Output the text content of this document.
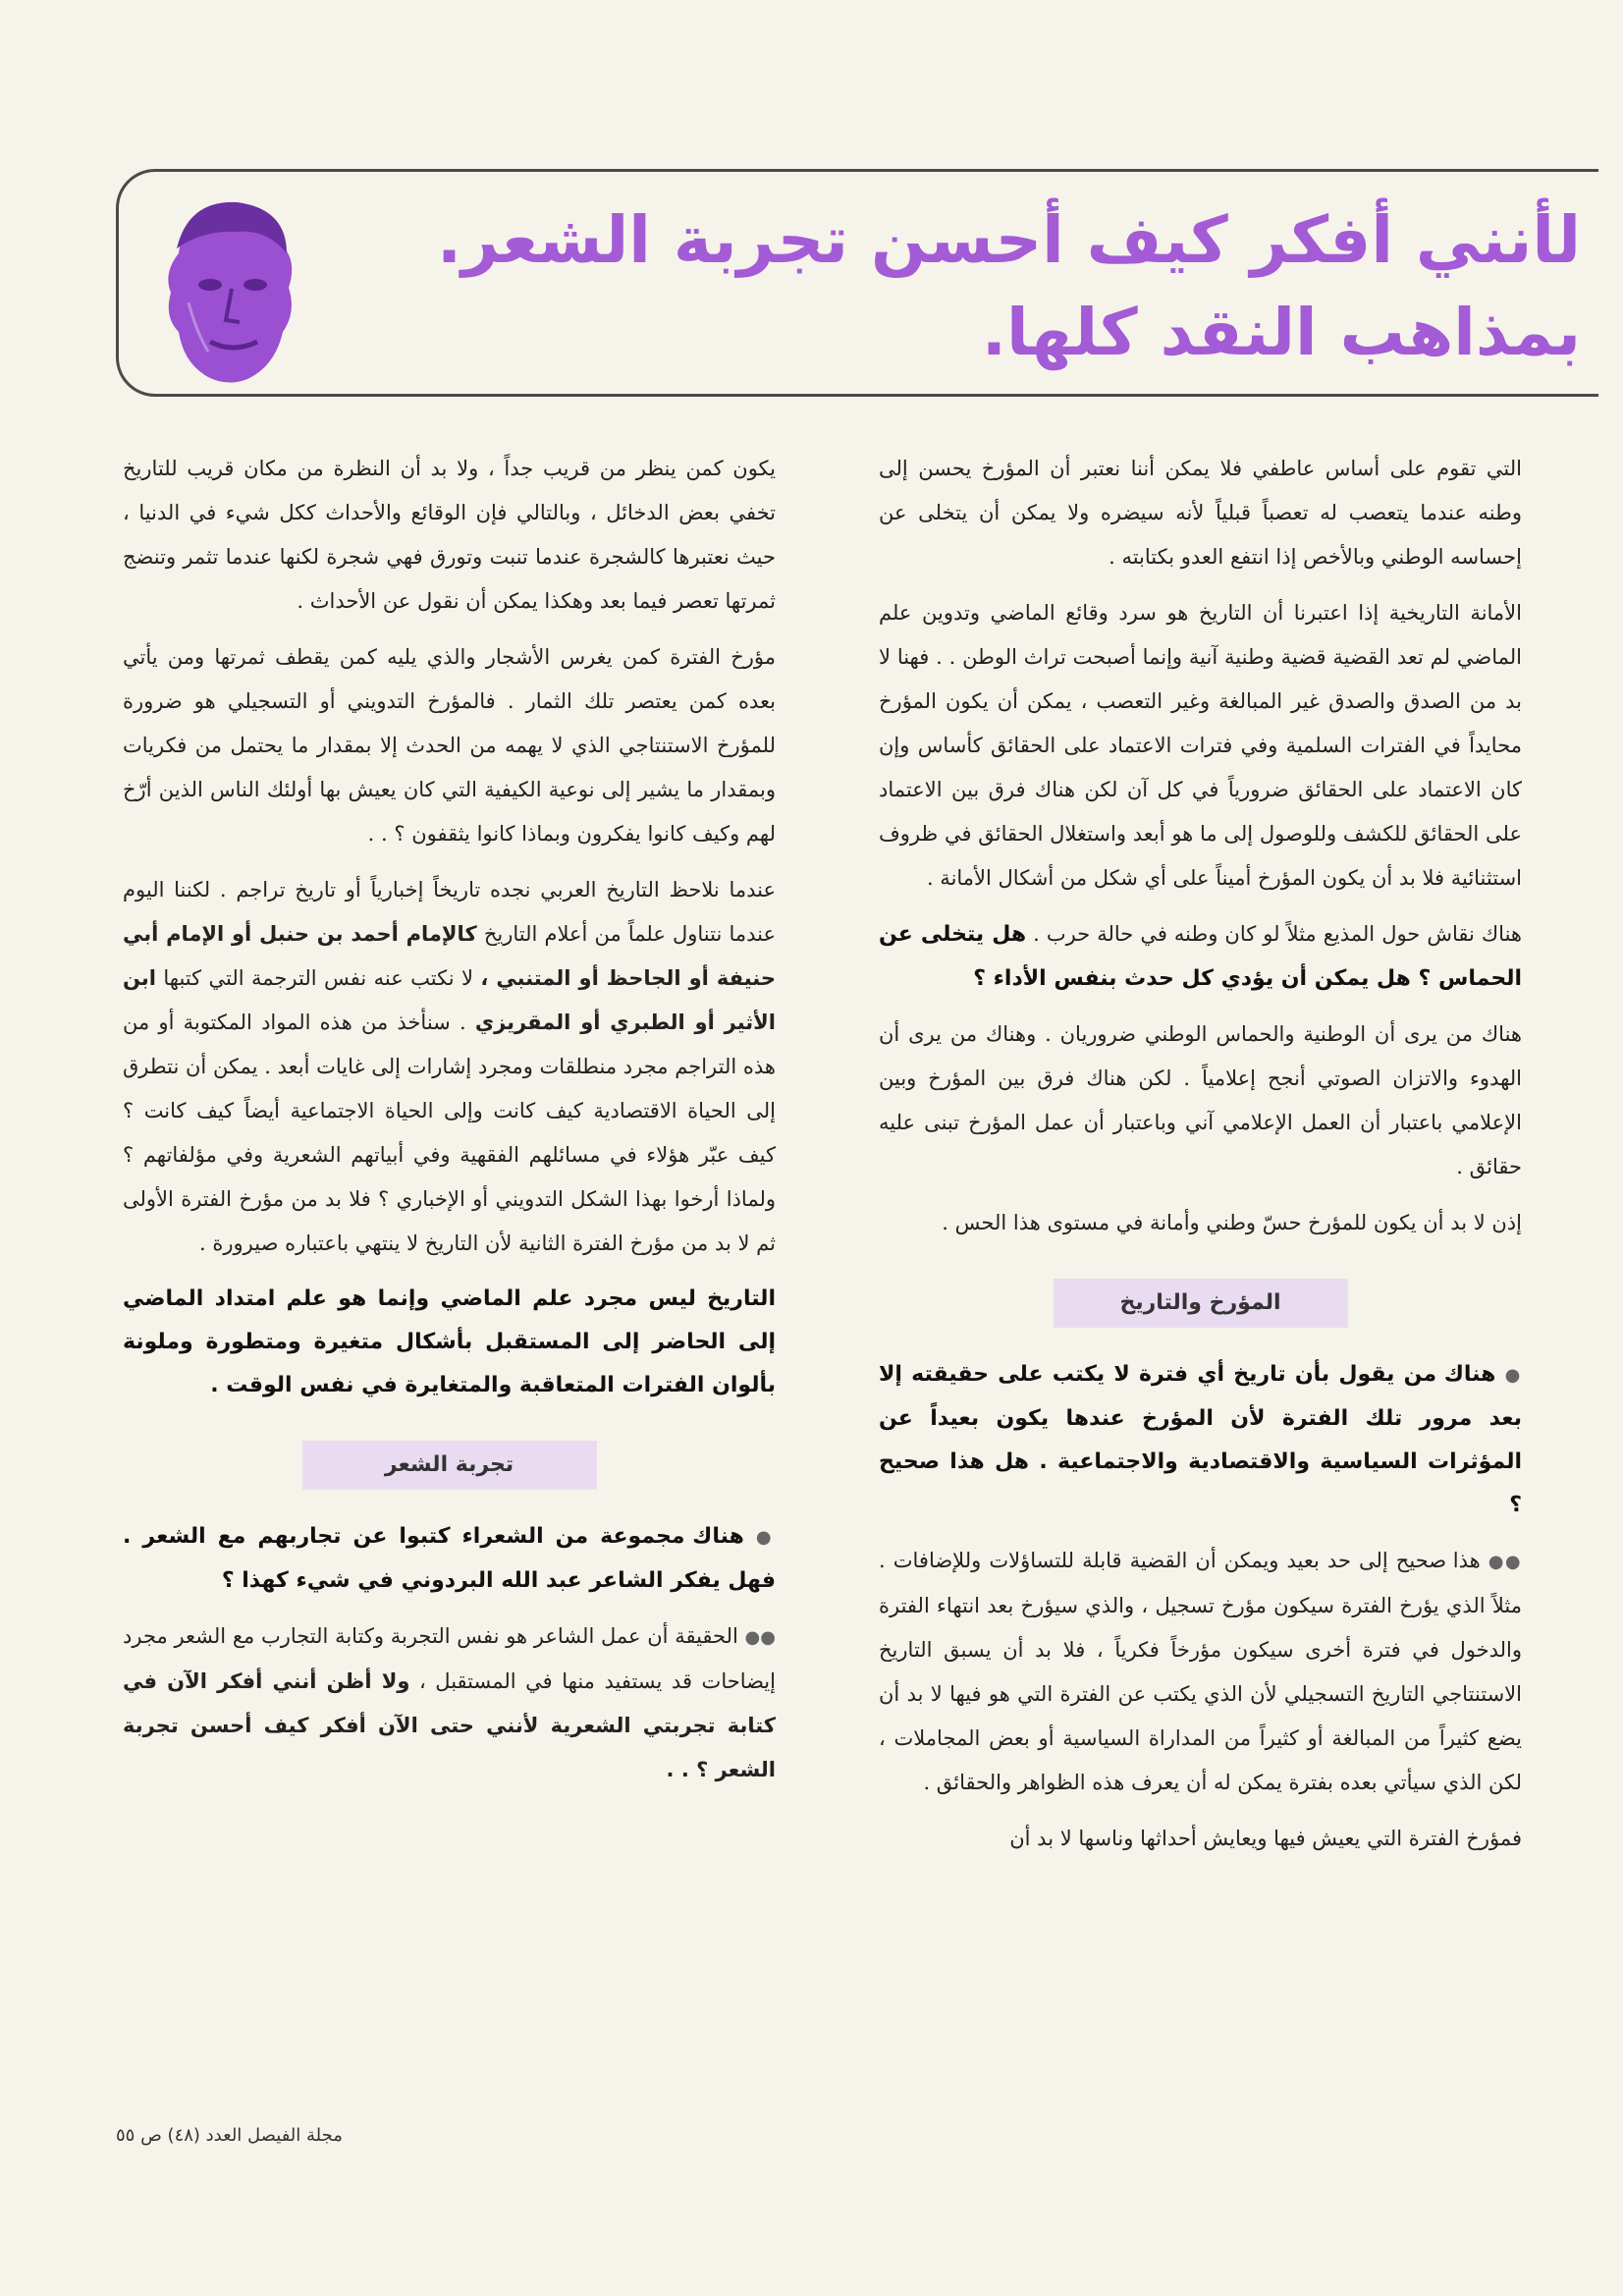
لأنني أفكر كيف أحسن تجربة الشعر.
بمذاهب النقد كلها.

التي تقوم على أساس عاطفي فلا يمكن أننا نعتبر أن المؤرخ يحسن إلى وطنه عندما يتعصب له تعصباً قبلياً لأنه سيضره ولا يمكن أن يتخلى عن إحساسه الوطني وبالأخص إذا انتفع العدو بكتابته .

الأمانة التاريخية إذا اعتبرنا أن التاريخ هو سرد وقائع الماضي وتدوين علم الماضي لم تعد القضية قضية وطنية آنية وإنما أصبحت تراث الوطن . . فهنا لا بد من الصدق والصدق غير المبالغة وغير التعصب ، يمكن أن يكون المؤرخ محايداً في الفترات السلمية وفي فترات الاعتماد على الحقائق كأساس وإن كان الاعتماد على الحقائق ضرورياً في كل آن لكن هناك فرق بين الاعتماد على الحقائق للكشف وللوصول إلى ما هو أبعد واستغلال الحقائق في ظروف استثنائية فلا بد أن يكون المؤرخ أميناً على أي شكل من أشكال الأمانة .

هناك نقاش حول المذيع مثلاً لو كان وطنه في حالة حرب . هل يتخلى عن الحماس ؟ هل يمكن أن يؤدي كل حدث بنفس الأداء ؟

هناك من يرى أن الوطنية والحماس الوطني ضروريان . وهناك من يرى أن الهدوء والاتزان الصوتي أنجح إعلامياً . لكن هناك فرق بين المؤرخ وبين الإعلامي باعتبار أن العمل الإعلامي آني وباعتبار أن عمل المؤرخ تبنى عليه حقائق .

إذن لا بد أن يكون للمؤرخ حسّ وطني وأمانة في مستوى هذا الحس .

المؤرخ والتاريخ

● هناك من يقول بأن تاريخ أي فترة لا يكتب على حقيقته إلا بعد مرور تلك الفترة لأن المؤرخ عندها يكون بعيداً عن المؤثرات السياسية والاقتصادية والاجتماعية . هل هذا صحيح ؟

●● هذا صحيح إلى حد بعيد ويمكن أن القضية قابلة للتساؤلات وللإضافات . مثلاً الذي يؤرخ الفترة سيكون مؤرخ تسجيل ، والذي سيؤرخ بعد انتهاء الفترة والدخول في فترة أخرى سيكون مؤرخاً فكرياً ، فلا بد أن يسبق التاريخ الاستنتاجي التاريخ التسجيلي لأن الذي يكتب عن الفترة التي هو فيها لا بد أن يضع كثيراً من المبالغة أو كثيراً من المداراة السياسية أو بعض المجاملات ، لكن الذي سيأتي بعده بفترة يمكن له أن يعرف هذه الظواهر والحقائق .

فمؤرخ الفترة التي يعيش فيها ويعايش أحداثها وناسها لا بد أن

يكون كمن ينظر من قريب جداً ، ولا بد أن النظرة من مكان قريب للتاريخ تخفي بعض الدخائل ، وبالتالي فإن الوقائع والأحداث ككل شيء في الدنيا ، حيث نعتبرها كالشجرة عندما تنبت وتورق فهي شجرة لكنها عندما تثمر وتنضج ثمرتها تعصر فيما بعد وهكذا يمكن أن نقول عن الأحداث .

مؤرخ الفترة كمن يغرس الأشجار والذي يليه كمن يقطف ثمرتها ومن يأتي بعده كمن يعتصر تلك الثمار . فالمؤرخ التدويني أو التسجيلي هو ضرورة للمؤرخ الاستنتاجي الذي لا يهمه من الحدث إلا بمقدار ما يحتمل من فكريات وبمقدار ما يشير إلى نوعية الكيفية التي كان يعيش بها أولئك الناس الذين أرّخ لهم وكيف كانوا يفكرون وبماذا كانوا يثقفون ؟ . .

عندما نلاحظ التاريخ العربي نجده تاريخاً إخبارياً أو تاريخ تراجم . لكننا اليوم عندما نتناول علماً من أعلام التاريخ كالإمام أحمد بن حنبل أو الإمام أبي حنيفة أو الجاحظ أو المتنبي ، لا نكتب عنه نفس الترجمة التي كتبها ابن الأثير أو الطبري أو المقريزي . سنأخذ من هذه المواد المكتوبة أو من هذه التراجم مجرد منطلقات ومجرد إشارات إلى غايات أبعد . يمكن أن نتطرق إلى الحياة الاقتصادية كيف كانت وإلى الحياة الاجتماعية أيضاً كيف كانت ؟ كيف عبّر هؤلاء في مسائلهم الفقهية وفي أبياتهم الشعرية وفي مؤلفاتهم ؟ ولماذا أرخوا بهذا الشكل التدويني أو الإخباري ؟ فلا بد من مؤرخ الفترة الأولى ثم لا بد من مؤرخ الفترة الثانية لأن التاريخ لا ينتهي باعتباره صيرورة .

التاريخ ليس مجرد علم الماضي وإنما هو علم امتداد الماضي إلى الحاضر إلى المستقبل بأشكال متغيرة ومتطورة وملونة بألوان الفترات المتعاقبة والمتغايرة في نفس الوقت .

تجربة الشعر

● هناك مجموعة من الشعراء كتبوا عن تجاربهم مع الشعر . فهل يفكر الشاعر عبد الله البردوني في شيء كهذا ؟

●● الحقيقة أن عمل الشاعر هو نفس التجربة وكتابة التجارب مع الشعر مجرد إيضاحات قد يستفيد منها في المستقبل ، ولا أظن أنني أفكر الآن في كتابة تجربتي الشعرية لأنني حتى الآن أفكر كيف أحسن تجربة الشعر ؟ . .

مجلة الفيصل العدد (٤٨) ص ٥٥
